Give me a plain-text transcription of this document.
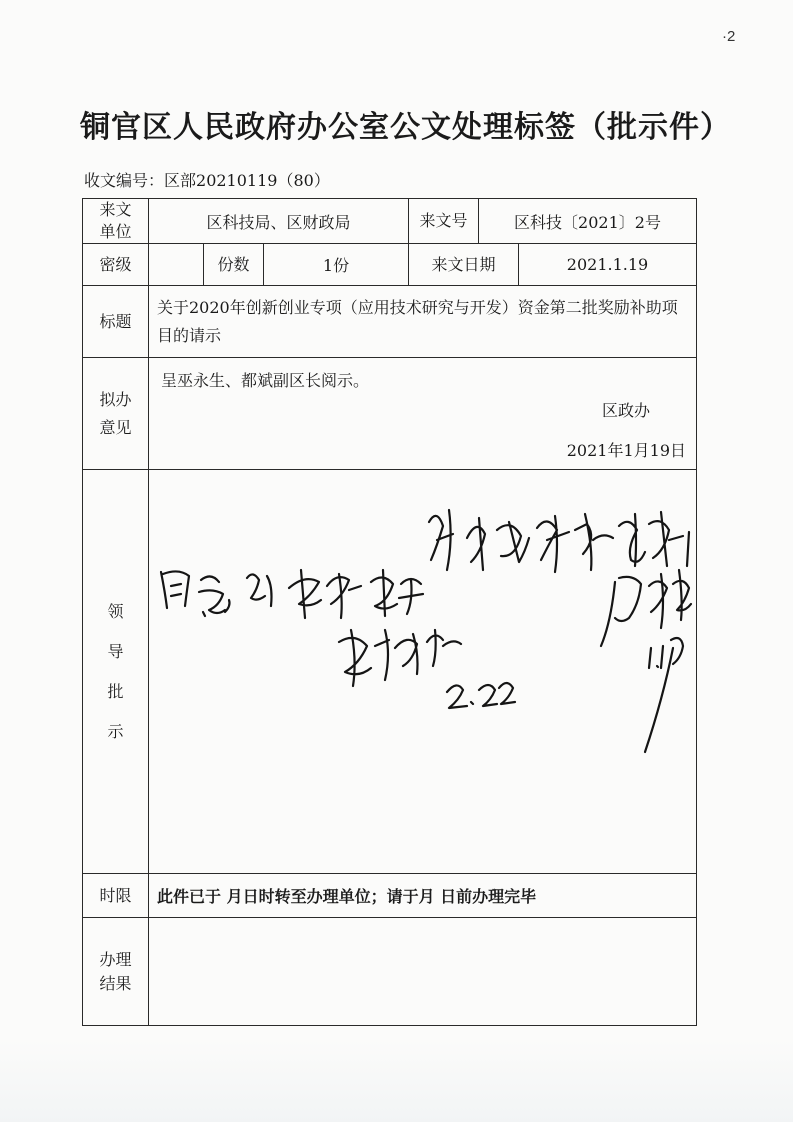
·2
铜官区人民政府办公室公文处理标签（批示件）
收文编号：区部20210119（80）
来文单位	区科技局、区财政局			来文号	区科技〔2021〕2号	
密级		份数	1份	来文日期		2021.1.19
标题	关于2020年创新创业专项（应用技术研究与开发）资金第二批奖励补助项目的请示					
拟办意见	呈巫永生、都斌副区长阅示。
区政办
2021年1月19日					

领
导
批
示	

时限	此件已于 月日时转至办理单位；请于月 日前办理完毕					
办理结果						
